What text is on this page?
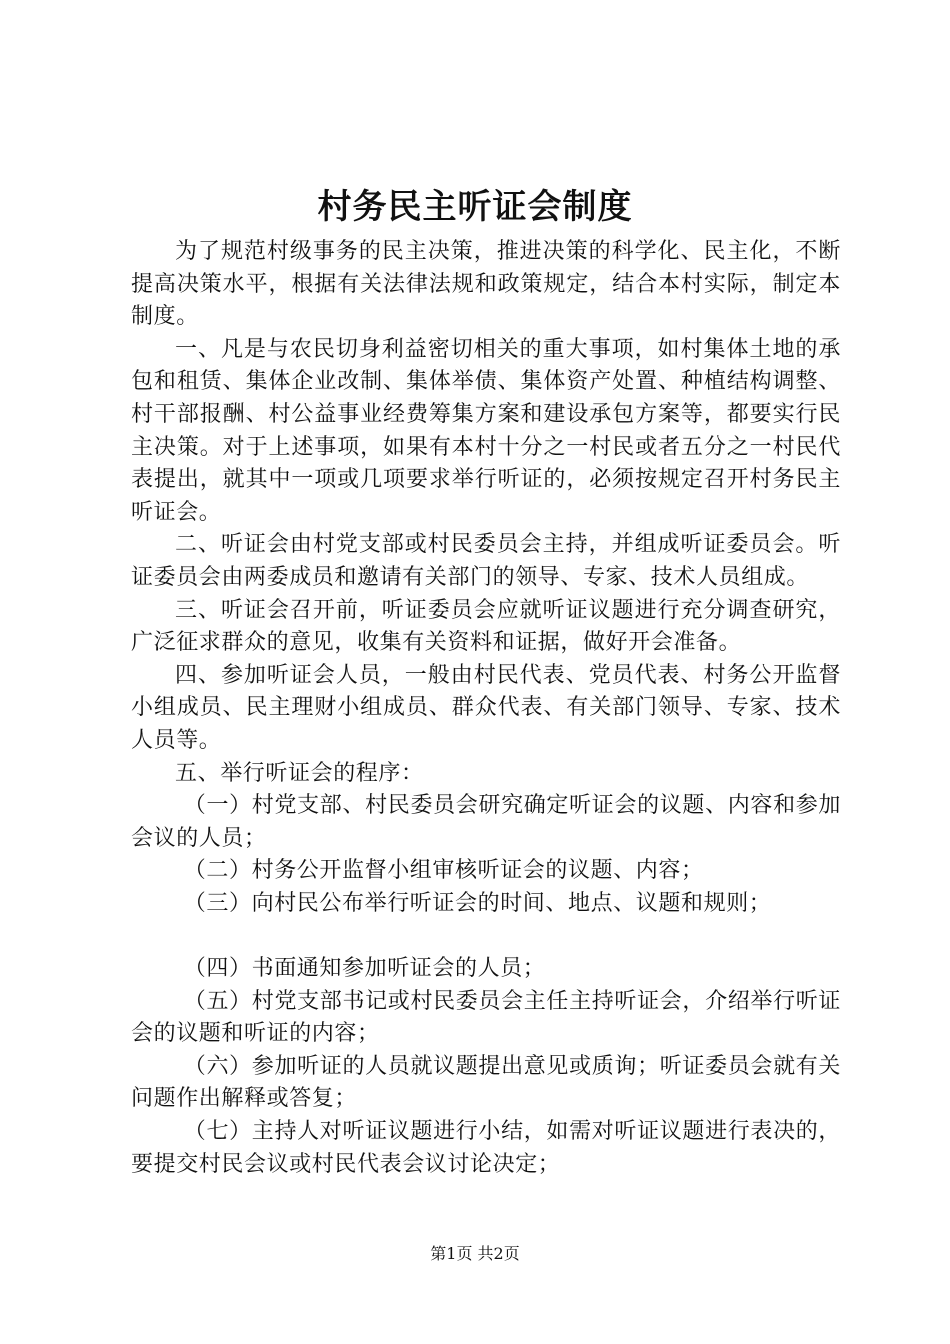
村务民主听证会制度

为了规范村级事务的民主决策，推进决策的科学化、民主化，不断提高决策水平，根据有关法律法规和政策规定，结合本村实际，制定本制度。

一、凡是与农民切身利益密切相关的重大事项，如村集体土地的承包和租赁、集体企业改制、集体举债、集体资产处置、种植结构调整、村干部报酬、村公益事业经费筹集方案和建设承包方案等，都要实行民主决策。对于上述事项，如果有本村十分之一村民或者五分之一村民代表提出，就其中一项或几项要求举行听证的，必须按规定召开村务民主听证会。

二、听证会由村党支部或村民委员会主持，并组成听证委员会。听证委员会由两委成员和邀请有关部门的领导、专家、技术人员组成。

三、听证会召开前，听证委员会应就听证议题进行充分调查研究，广泛征求群众的意见，收集有关资料和证据，做好开会准备。

四、参加听证会人员，一般由村民代表、党员代表、村务公开监督小组成员、民主理财小组成员、群众代表、有关部门领导、专家、技术人员等。

五、举行听证会的程序：

（一）村党支部、村民委员会研究确定听证会的议题、内容和参加会议的人员；

（二）村务公开监督小组审核听证会的议题、内容；

（三）向村民公布举行听证会的时间、地点、议题和规则；

（四）书面通知参加听证会的人员；

（五）村党支部书记或村民委员会主任主持听证会，介绍举行听证会的议题和听证的内容；

（六）参加听证的人员就议题提出意见或质询；听证委员会就有关问题作出解释或答复；

（七）主持人对听证议题进行小结，如需对听证议题进行表决的，要提交村民会议或村民代表会议讨论决定；

第1页 共2页
